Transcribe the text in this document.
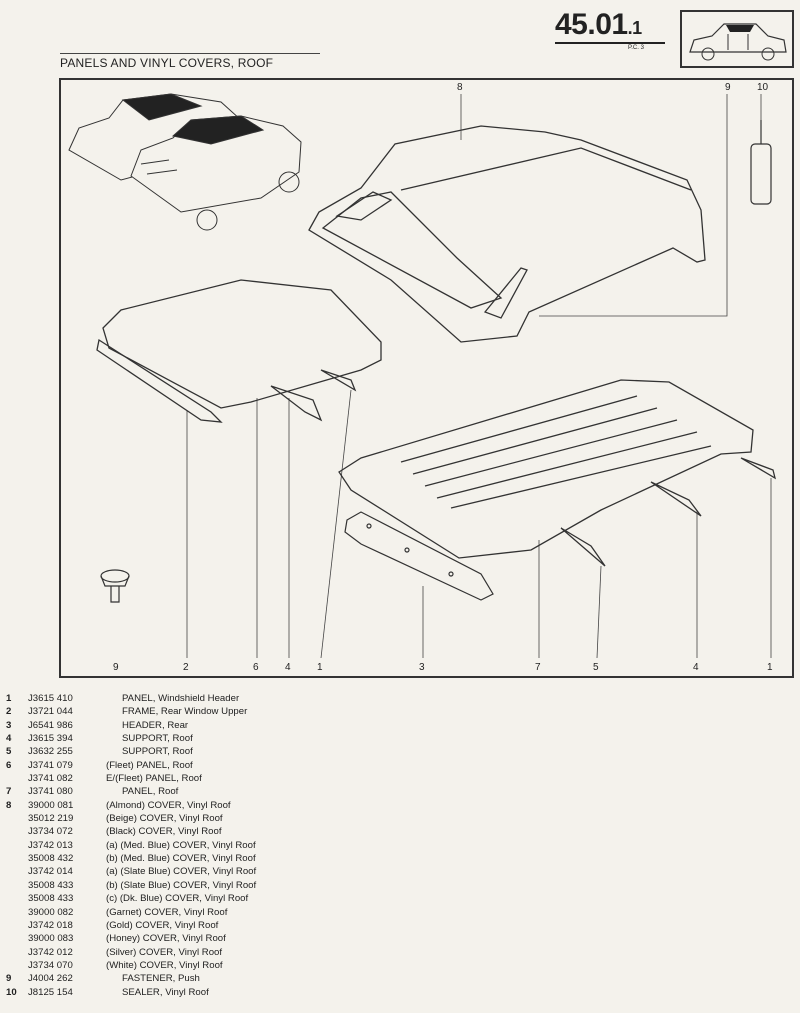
45.01.1
P.C. 3
PANELS AND VINYL COVERS, ROOF
8	9	10
9	2	6	4	1	3	7	5	4	1
1	J3615 410	PANEL, Windshield Header
2	J3721 044	FRAME, Rear Window Upper
3	J6541 986	HEADER, Rear
4	J3615 394	SUPPORT, Roof
5	J3632 255	SUPPORT, Roof
6	J3741 079	(Fleet) PANEL, Roof
J3741 082	E/(Fleet) PANEL, Roof
7	J3741 080	PANEL, Roof
8	39000 081	(Almond) COVER, Vinyl Roof
35012 219	(Beige) COVER, Vinyl Roof
J3734 072	(Black) COVER, Vinyl Roof
J3742 013	(a) (Med. Blue) COVER, Vinyl Roof
35008 432	(b) (Med. Blue) COVER, Vinyl Roof
J3742 014	(a) (Slate Blue) COVER, Vinyl Roof
35008 433	(b) (Slate Blue) COVER, Vinyl Roof
35008 433	(c) (Dk. Blue) COVER, Vinyl Roof
39000 082	(Garnet) COVER, Vinyl Roof
J3742 018	(Gold) COVER, Vinyl Roof
39000 083	(Honey) COVER, Vinyl Roof
J3742 012	(Silver) COVER, Vinyl Roof
J3734 070	(White) COVER, Vinyl Roof
9	J4004 262	FASTENER, Push
10 J8125 154	SEALER, Vinyl Roof
